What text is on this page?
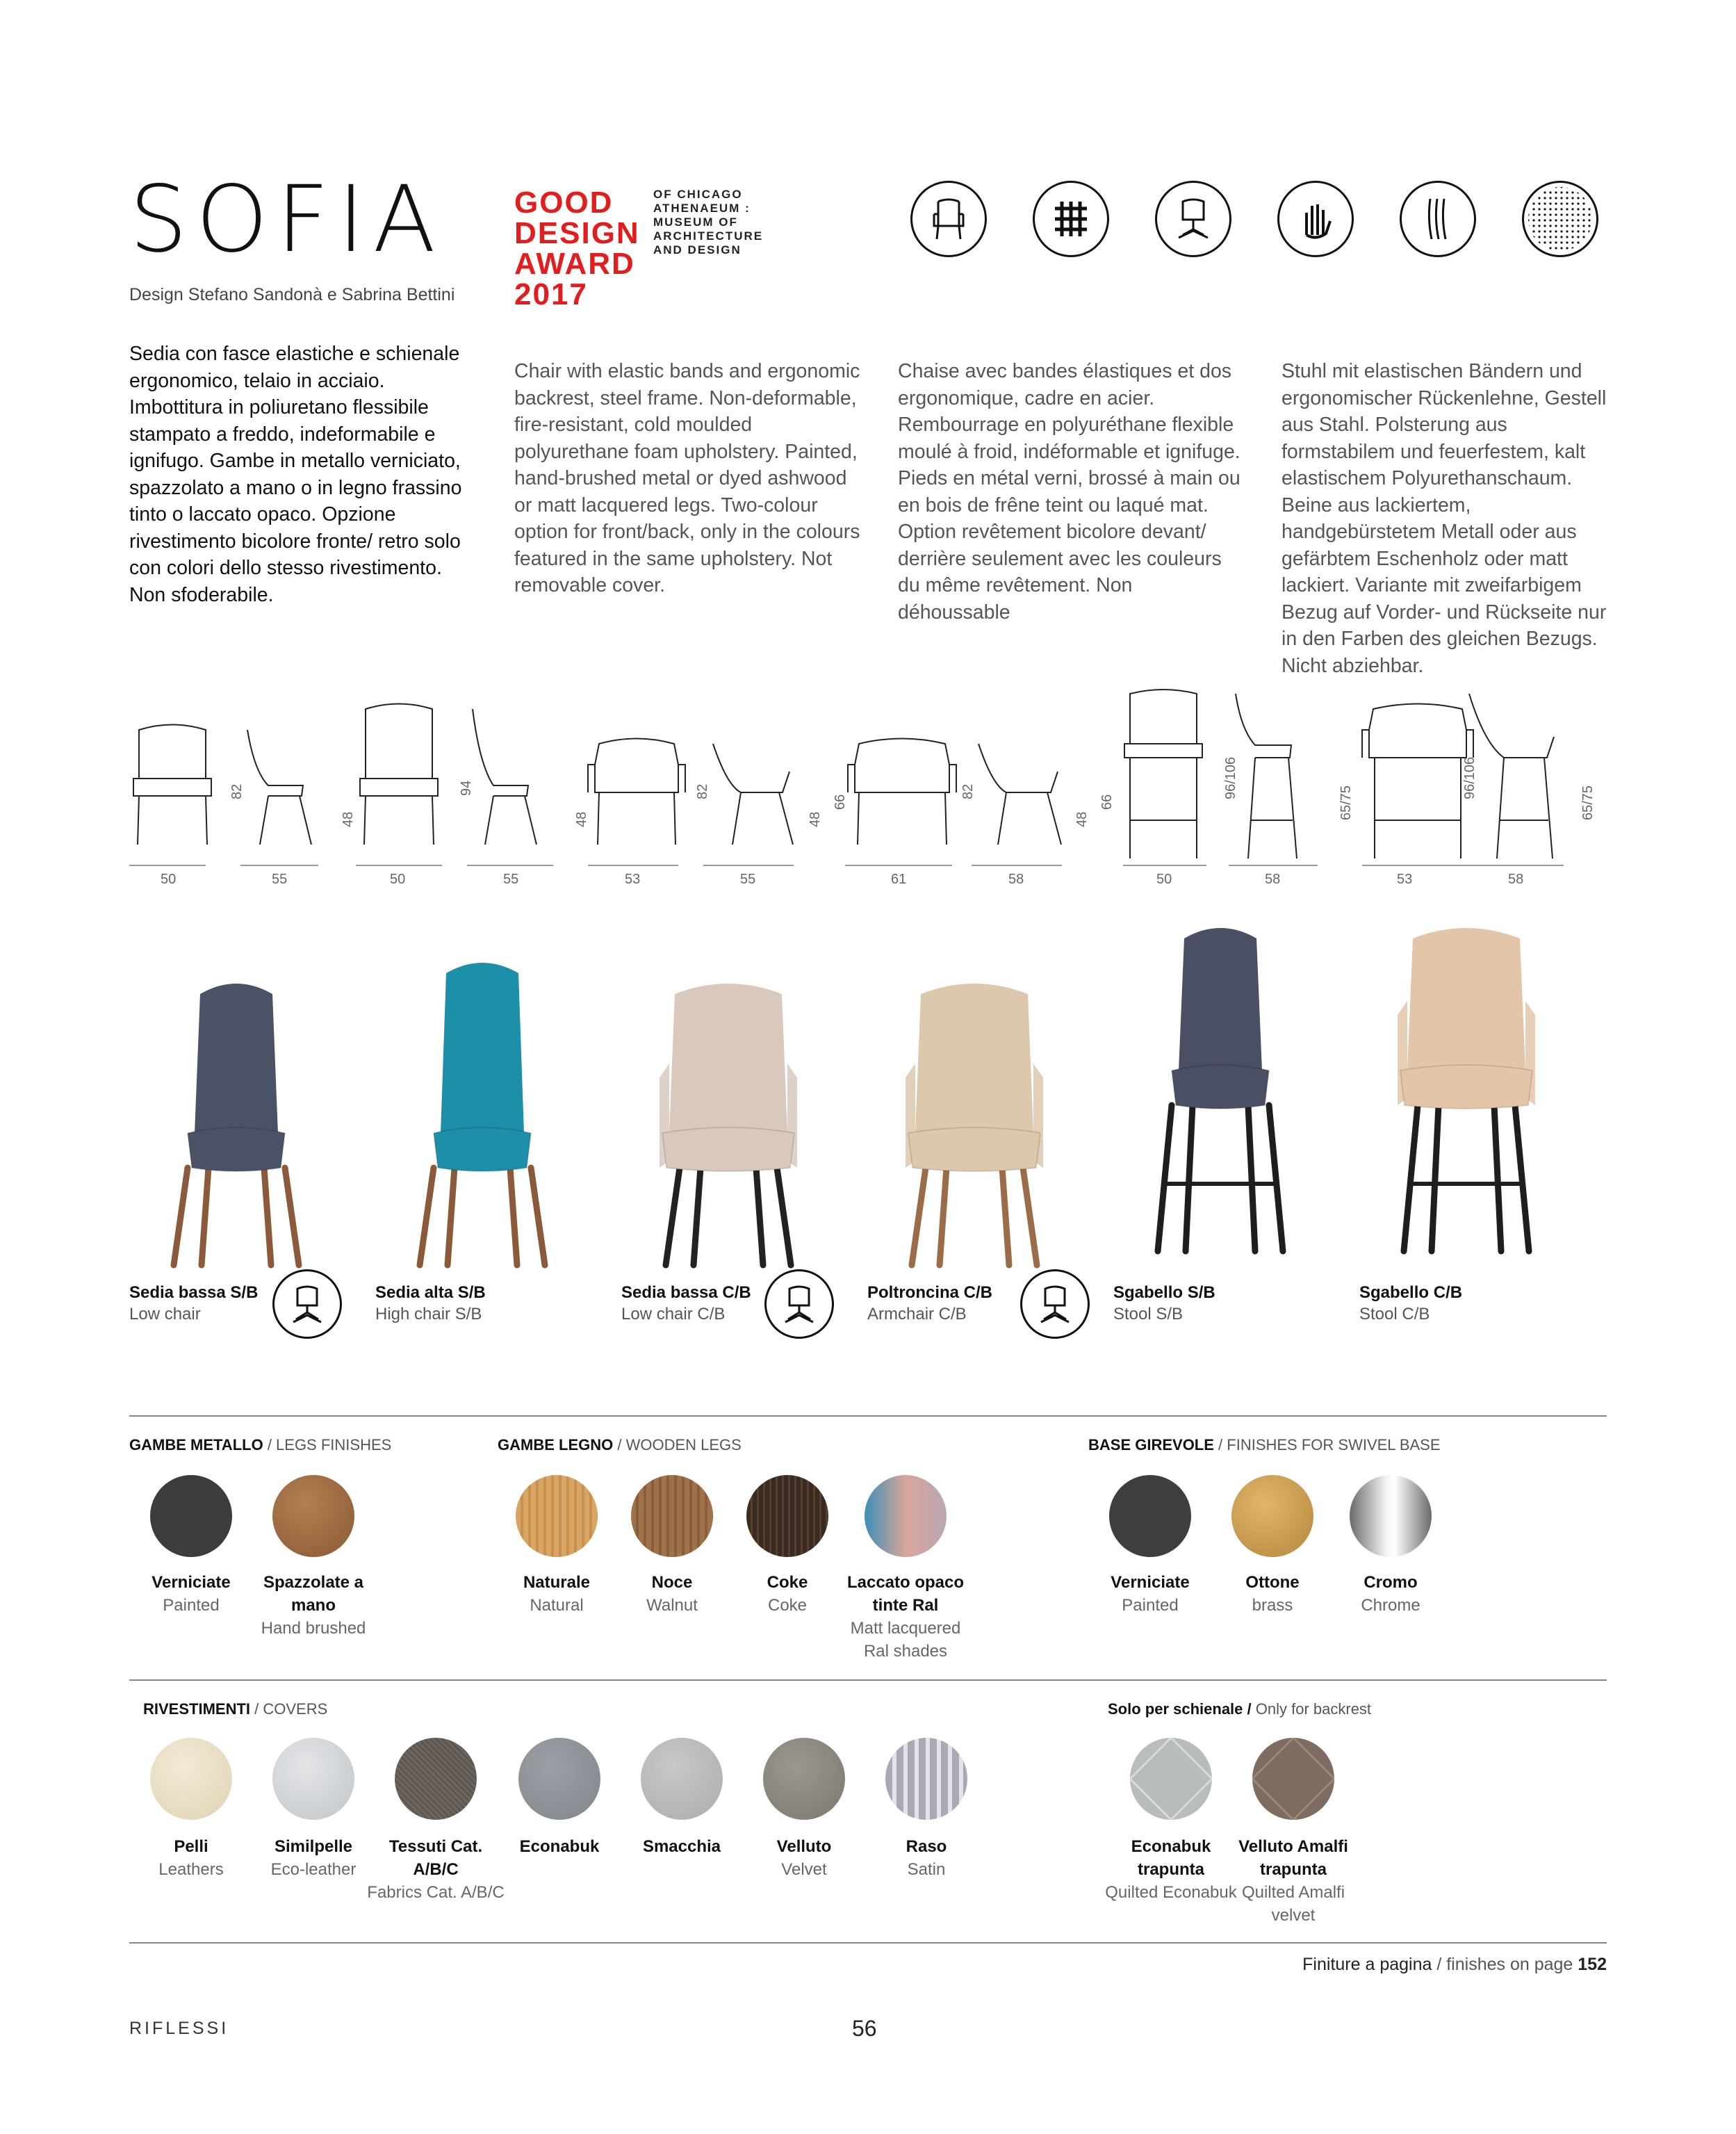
SOFIA
Design Stefano Sandonà e Sabrina Bettini
GOOD
DESIGN
AWARD
2017
OF CHICAGO
ATHENAEUM :
MUSEUM OF
ARCHITECTURE
AND DESIGN
Sedia con fasce elastiche e schienale ergonomico, telaio in acciaio. Imbottitura in poliuretano flessibile stampato a freddo, indeformabile e ignifugo. Gambe in metallo verniciato, spazzolato a mano o in legno frassino tinto o laccato opaco. Opzione rivestimento bicolore fronte/ retro solo con colori dello stesso rivestimento. Non sfoderabile.
Chair with elastic bands and ergonomic backrest, steel frame. Non-deformable, fire-resistant, cold moulded polyurethane foam upholstery. Painted, hand-brushed metal or dyed ashwood or matt lacquered legs. Two-colour option for front/back, only in the colours featured in the same upholstery. Not removable cover.
Chaise avec bandes élastiques et dos ergonomique, cadre en acier. Rembourrage en polyuréthane flexible moulé à froid, indéformable et ignifuge. Pieds en métal verni, brossé à main ou en bois de frêne teint ou laqué mat. Option revêtement bicolore devant/ derrière seulement avec les couleurs du même revêtement. Non déhoussable
Stuhl mit elastischen Bändern und ergonomischer Rückenlehne, Gestell aus Stahl. Polsterung aus formstabilem und feuerfestem, kalt elastischem Polyurethanschaum. Beine aus lackiertem, handgebürstetem Metall oder aus gefärbtem Eschenholz oder matt lackiert. Variante mit zweifarbigem Bezug auf Vorder- und Rückseite nur in den Farben des gleichen Bezugs. Nicht abziehbar.
50	55	50	55	53	55	61	58	50	58	53	58
82
48
94
48
82
48
66
82
48
66
96/106
65/75
96/106
65/75
Sedia bassa S/B
Low chair
Sedia alta S/B
High chair S/B
Sedia bassa C/B
Low chair C/B
Poltroncina C/B
Armchair C/B
Sgabello S/B
Stool S/B
Sgabello C/B
Stool C/B
GAMBE METALLO / LEGS FINISHES	GAMBE LEGNO / WOODEN LEGS	BASE GIREVOLE / FINISHES FOR SWIVEL BASE
Verniciate
Painted
Spazzolate a mano
Hand brushed
Naturale
Natural
Noce
Walnut
Coke
Coke
Laccato opaco tinte Ral
Matt lacquered Ral shades
Verniciate
Painted
Ottone
brass
Cromo
Chrome
RIVESTIMENTI / COVERS	Solo per schienale / Only for backrest
Pelli
Leathers
Similpelle
Eco-leather
Tessuti Cat. A/B/C
Fabrics Cat. A/B/C
Econabuk	Smacchia	Velluto
Velvet
Raso
Satin
Econabuk trapunta
Quilted Econabuk
Velluto Amalfi trapunta
Quilted Amalfi velvet
Finiture a pagina / finishes on page 152
RIFLESSI	56
